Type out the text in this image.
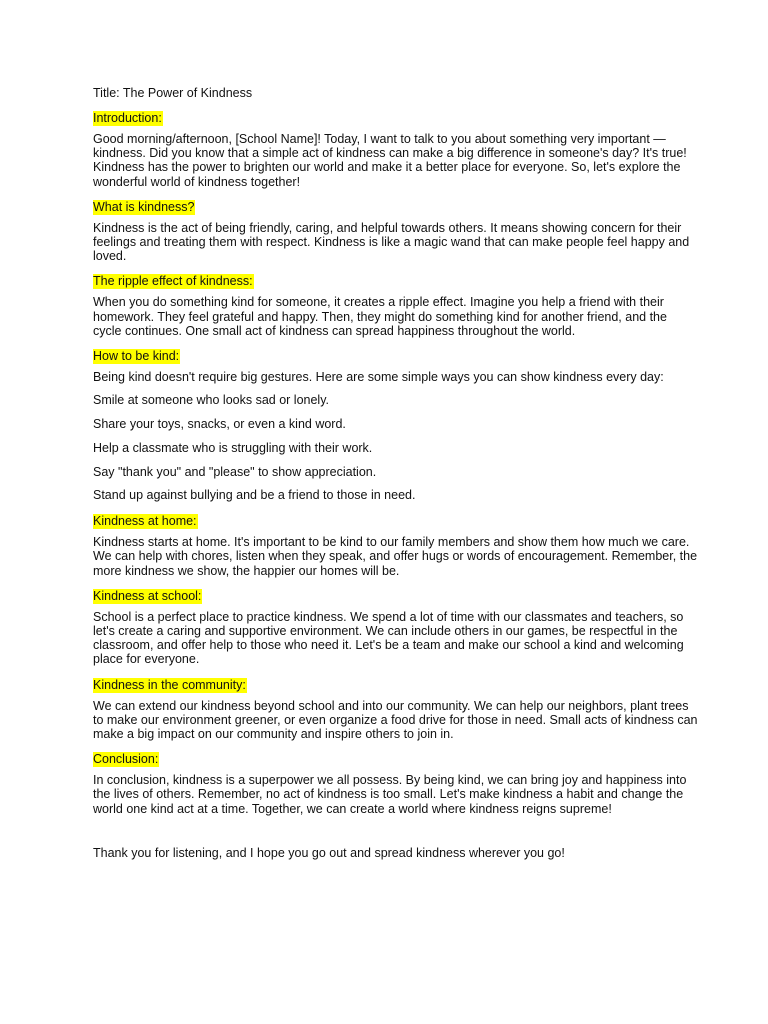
Title: The Power of Kindness
Introduction:
Good morning/afternoon, [School Name]! Today, I want to talk to you about something very important —kindness. Did you know that a simple act of kindness can make a big difference in someone's day? It's true! Kindness has the power to brighten our world and make it a better place for everyone. So, let's explore the wonderful world of kindness together!
What is kindness?
Kindness is the act of being friendly, caring, and helpful towards others. It means showing concern for their feelings and treating them with respect. Kindness is like a magic wand that can make people feel happy and loved.
The ripple effect of kindness:
When you do something kind for someone, it creates a ripple effect. Imagine you help a friend with their homework. They feel grateful and happy. Then, they might do something kind for another friend, and the cycle continues. One small act of kindness can spread happiness throughout the world.
How to be kind:
Being kind doesn't require big gestures. Here are some simple ways you can show kindness every day:
Smile at someone who looks sad or lonely.
Share your toys, snacks, or even a kind word.
Help a classmate who is struggling with their work.
Say "thank you" and "please" to show appreciation.
Stand up against bullying and be a friend to those in need.
Kindness at home:
Kindness starts at home. It's important to be kind to our family members and show them how much we care. We can help with chores, listen when they speak, and offer hugs or words of encouragement. Remember, the more kindness we show, the happier our homes will be.
Kindness at school:
School is a perfect place to practice kindness. We spend a lot of time with our classmates and teachers, so let's create a caring and supportive environment. We can include others in our games, be respectful in the classroom, and offer help to those who need it. Let's be a team and make our school a kind and welcoming place for everyone.
Kindness in the community:
We can extend our kindness beyond school and into our community. We can help our neighbors, plant trees to make our environment greener, or even organize a food drive for those in need. Small acts of kindness can make a big impact on our community and inspire others to join in.
Conclusion:
In conclusion, kindness is a superpower we all possess. By being kind, we can bring joy and happiness into the lives of others. Remember, no act of kindness is too small. Let's make kindness a habit and change the world one kind act at a time. Together, we can create a world where kindness reigns supreme!
Thank you for listening, and I hope you go out and spread kindness wherever you go!
